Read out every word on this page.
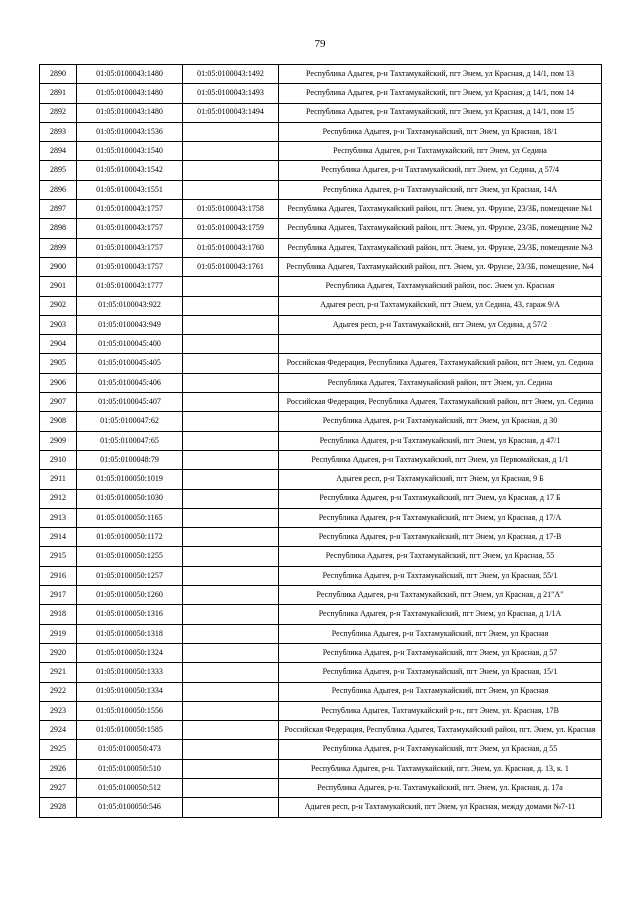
79
2890	01:05:0100043:1480	01:05:0100043:1492	Республика Адыгея, р-н Тахтамукайский, пгт Энем, ул Красная, д 14/1, пом 13
2891	01:05:0100043:1480	01:05:0100043:1493	Республика Адыгея, р-н Тахтамукайский, пгт Энем, ул Красная, д 14/1, пом 14
2892	01:05:0100043:1480	01:05:0100043:1494	Республика Адыгея, р-н Тахтамукайский, пгт Энем, ул Красная, д 14/1, пом 15
2893	01:05:0100043:1536		Республика Адыгея, р-н Тахтамукайский, пгт Энем, ул Красная, 18/1
2894	01:05:0100043:1540		Республика Адыгея, р-н Тахтамукайский, пгт Энем, ул Седина
2895	01:05:0100043:1542		Республика Адыгея, р-н Тахтамукайский, пгт Энем, ул Седина, д 57/4
2896	01:05:0100043:1551		Республика Адыгея, р-н Тахтамукайский, пгт Энем, ул Красная, 14А
2897	01:05:0100043:1757	01:05:0100043:1758	Республика Адыгея, Тахтамукайский район, пгт. Энем, ул. Фрунзе, 23/3Б, помещение №1
2898	01:05:0100043:1757	01:05:0100043:1759	Республика Адыгея, Тахтамукайский район, пгт. Энем, ул. Фрунзе, 23/3Б, помещение №2
2899	01:05:0100043:1757	01:05:0100043:1760	Республика Адыгея, Тахтамукайский район, пгт. Энем, ул. Фрунзе, 23/3Б, помещение №3
2900	01:05:0100043:1757	01:05:0100043:1761	Республика Адыгея, Тахтамукайский район, пгт. Энем, ул. Фрунзе, 23/3Б, помещение, №4
2901	01:05:0100043:1777		Республика Адыгея, Тахтамукайский район, пос. Энем ул. Красная
2902	01:05:0100043:922		Адыгея респ, р-н Тахтамукайский, пгт Энем, ул Седина, 43, гараж 9/А
2903	01:05:0100043:949		Адыгея респ, р-н Тахтамукайский, пгт Энем, ул Седина, д 57/2
2904	01:05:0100045:400		
2905	01:05:0100045:405		Российская Федерация, Республика Адыгея, Тахтамукайский район, пгт Энем, ул. Седина
2906	01:05:0100045:406		Республика Адыгея, Тахтамукайский район, пгт Энем, ул. Седина
2907	01:05:0100045:407		Российская Федерация, Республика Адыгея, Тахтамукайский район, пгт Энем, ул. Седина
2908	01:05:0100047:62		Республика Адыгея, р-н Тахтамукайский, пгт Энем, ул Красная, д 30
2909	01:05:0100047:65		Республика Адыгея, р-н Тахтамукайский, пгт Энем, ул Красная, д 47/1
2910	01:05:0100048:79		Республика Адыгея, р-н Тахтамукайский, пгт Энем, ул Первомайская, д 1/1
2911	01:05:0100050:1019		Адыгея респ, р-н Тахтамукайский, пгт Энем, ул Красная, 9 Б
2912	01:05:0100050:1030		Республика Адыгея, р-н Тахтамукайский, пгт Энем, ул Красная, д 17 Б
2913	01:05:0100050:1165		Республика Адыгея, р-н Тахтамукайский, пгт Энем, ул Красная, д 17/А
2914	01:05:0100050:1172		Республика Адыгея, р-н Тахтамукайский, пгт Энем, ул Красная, д 17-В
2915	01:05:0100050:1255		Республика Адыгея, р-н Тахтамукайский, пгт Энем, ул Красная, 55
2916	01:05:0100050:1257		Республика Адыгея, р-н Тахтамукайский, пгт Энем, ул Красная, 55/1
2917	01:05:0100050:1260		Республика Адыгея, р-н Тахтамукайский, пгт Энем, ул Красная, д 21"А"
2918	01:05:0100050:1316		Республика Адыгея, р-н Тахтамукайский, пгт Энем, ул Красная, д 1/1А
2919	01:05:0100050:1318		Республика Адыгея, р-н Тахтамукайский, пгт Энем, ул Красная
2920	01:05:0100050:1324		Республика Адыгея, р-н Тахтамукайский, пгт Энем, ул Красная, д 57
2921	01:05:0100050:1333		Республика Адыгея, р-н Тахтамукайский, пгт Энем, ул Красная, 15/1
2922	01:05:0100050:1334		Республика Адыгея, р-н Тахтамукайский, пгт Энем, ул Красная
2923	01:05:0100050:1556		Республика Адыгея, Тахтамукайский р-н., пгт Энем, ул. Красная, 17В
2924	01:05:0100050:1585		Российская Федерация, Республика Адыгея, Тахтамукайский район, пгт. Энем, ул. Красная
2925	01:05:0100050:473		Республика Адыгея, р-н Тахтамукайский, пгт Энем, ул Красная, д 55
2926	01:05:0100050:510		Республика Адыгея, р-н. Тахтамукайский, пгт. Энем, ул. Красная, д. 13, к. 1
2927	01:05:0100050:512		Республика Адыгея, р-н. Тахтамукайский, пгт. Энем, ул. Красная, д. 17а
2928	01:05:0100050:546		Адыгея респ, р-н Тахтамукайский, пгт Энем, ул Красная, между домами №7-11
